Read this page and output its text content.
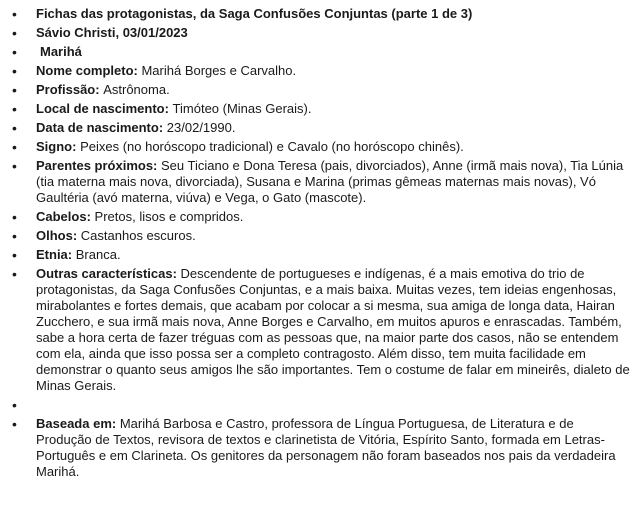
• Fichas das protagonistas, da Saga Confusões Conjuntas (parte 1 de 3)
• Sávio Christi, 03/01/2023
• Marihá
• Nome completo: Marihá Borges e Carvalho.
• Profissão: Astrônoma.
• Local de nascimento: Timóteo (Minas Gerais).
• Data de nascimento: 23/02/1990.
• Signo: Peixes (no horóscopo tradicional) e Cavalo (no horóscopo chinês).
• Parentes próximos: Seu Ticiano e Dona Teresa (pais, divorciados), Anne (irmã mais nova), Tia Lúnia (tia materna mais nova, divorciada), Susana e Marina (primas gêmeas maternas mais novas), Vó Gaultéria (avó materna, viúva) e Vega, o Gato (mascote).
• Cabelos: Pretos, lisos e compridos.
• Olhos: Castanhos escuros.
• Etnia: Branca.
• Outras características: Descendente de portugueses e indígenas, é a mais emotiva do trio de protagonistas, da Saga Confusões Conjuntas, e a mais baixa. Muitas vezes, tem ideias engenhosas, mirabolantes e fortes demais, que acabam por colocar a si mesma, sua amiga de longa data, Hairan Zucchero, e sua irmã mais nova, Anne Borges e Carvalho, em muitos apuros e enrascadas. Também, sabe a hora certa de fazer tréguas com as pessoas que, na maior parte dos casos, não se entendem com ela, ainda que isso possa ser a completo contragosto. Além disso, tem muita facilidade em demonstrar o quanto seus amigos lhe são importantes. Tem o costume de falar em mineirês, dialeto de Minas Gerais.
•
• Baseada em: Marihá Barbosa e Castro, professora de Língua Portuguesa, de Literatura e de Produção de Textos, revisora de textos e clarinetista de Vitória, Espírito Santo, formada em Letras-Português e em Clarineta. Os genitores da personagem não foram baseados nos pais da verdadeira Marihá.
